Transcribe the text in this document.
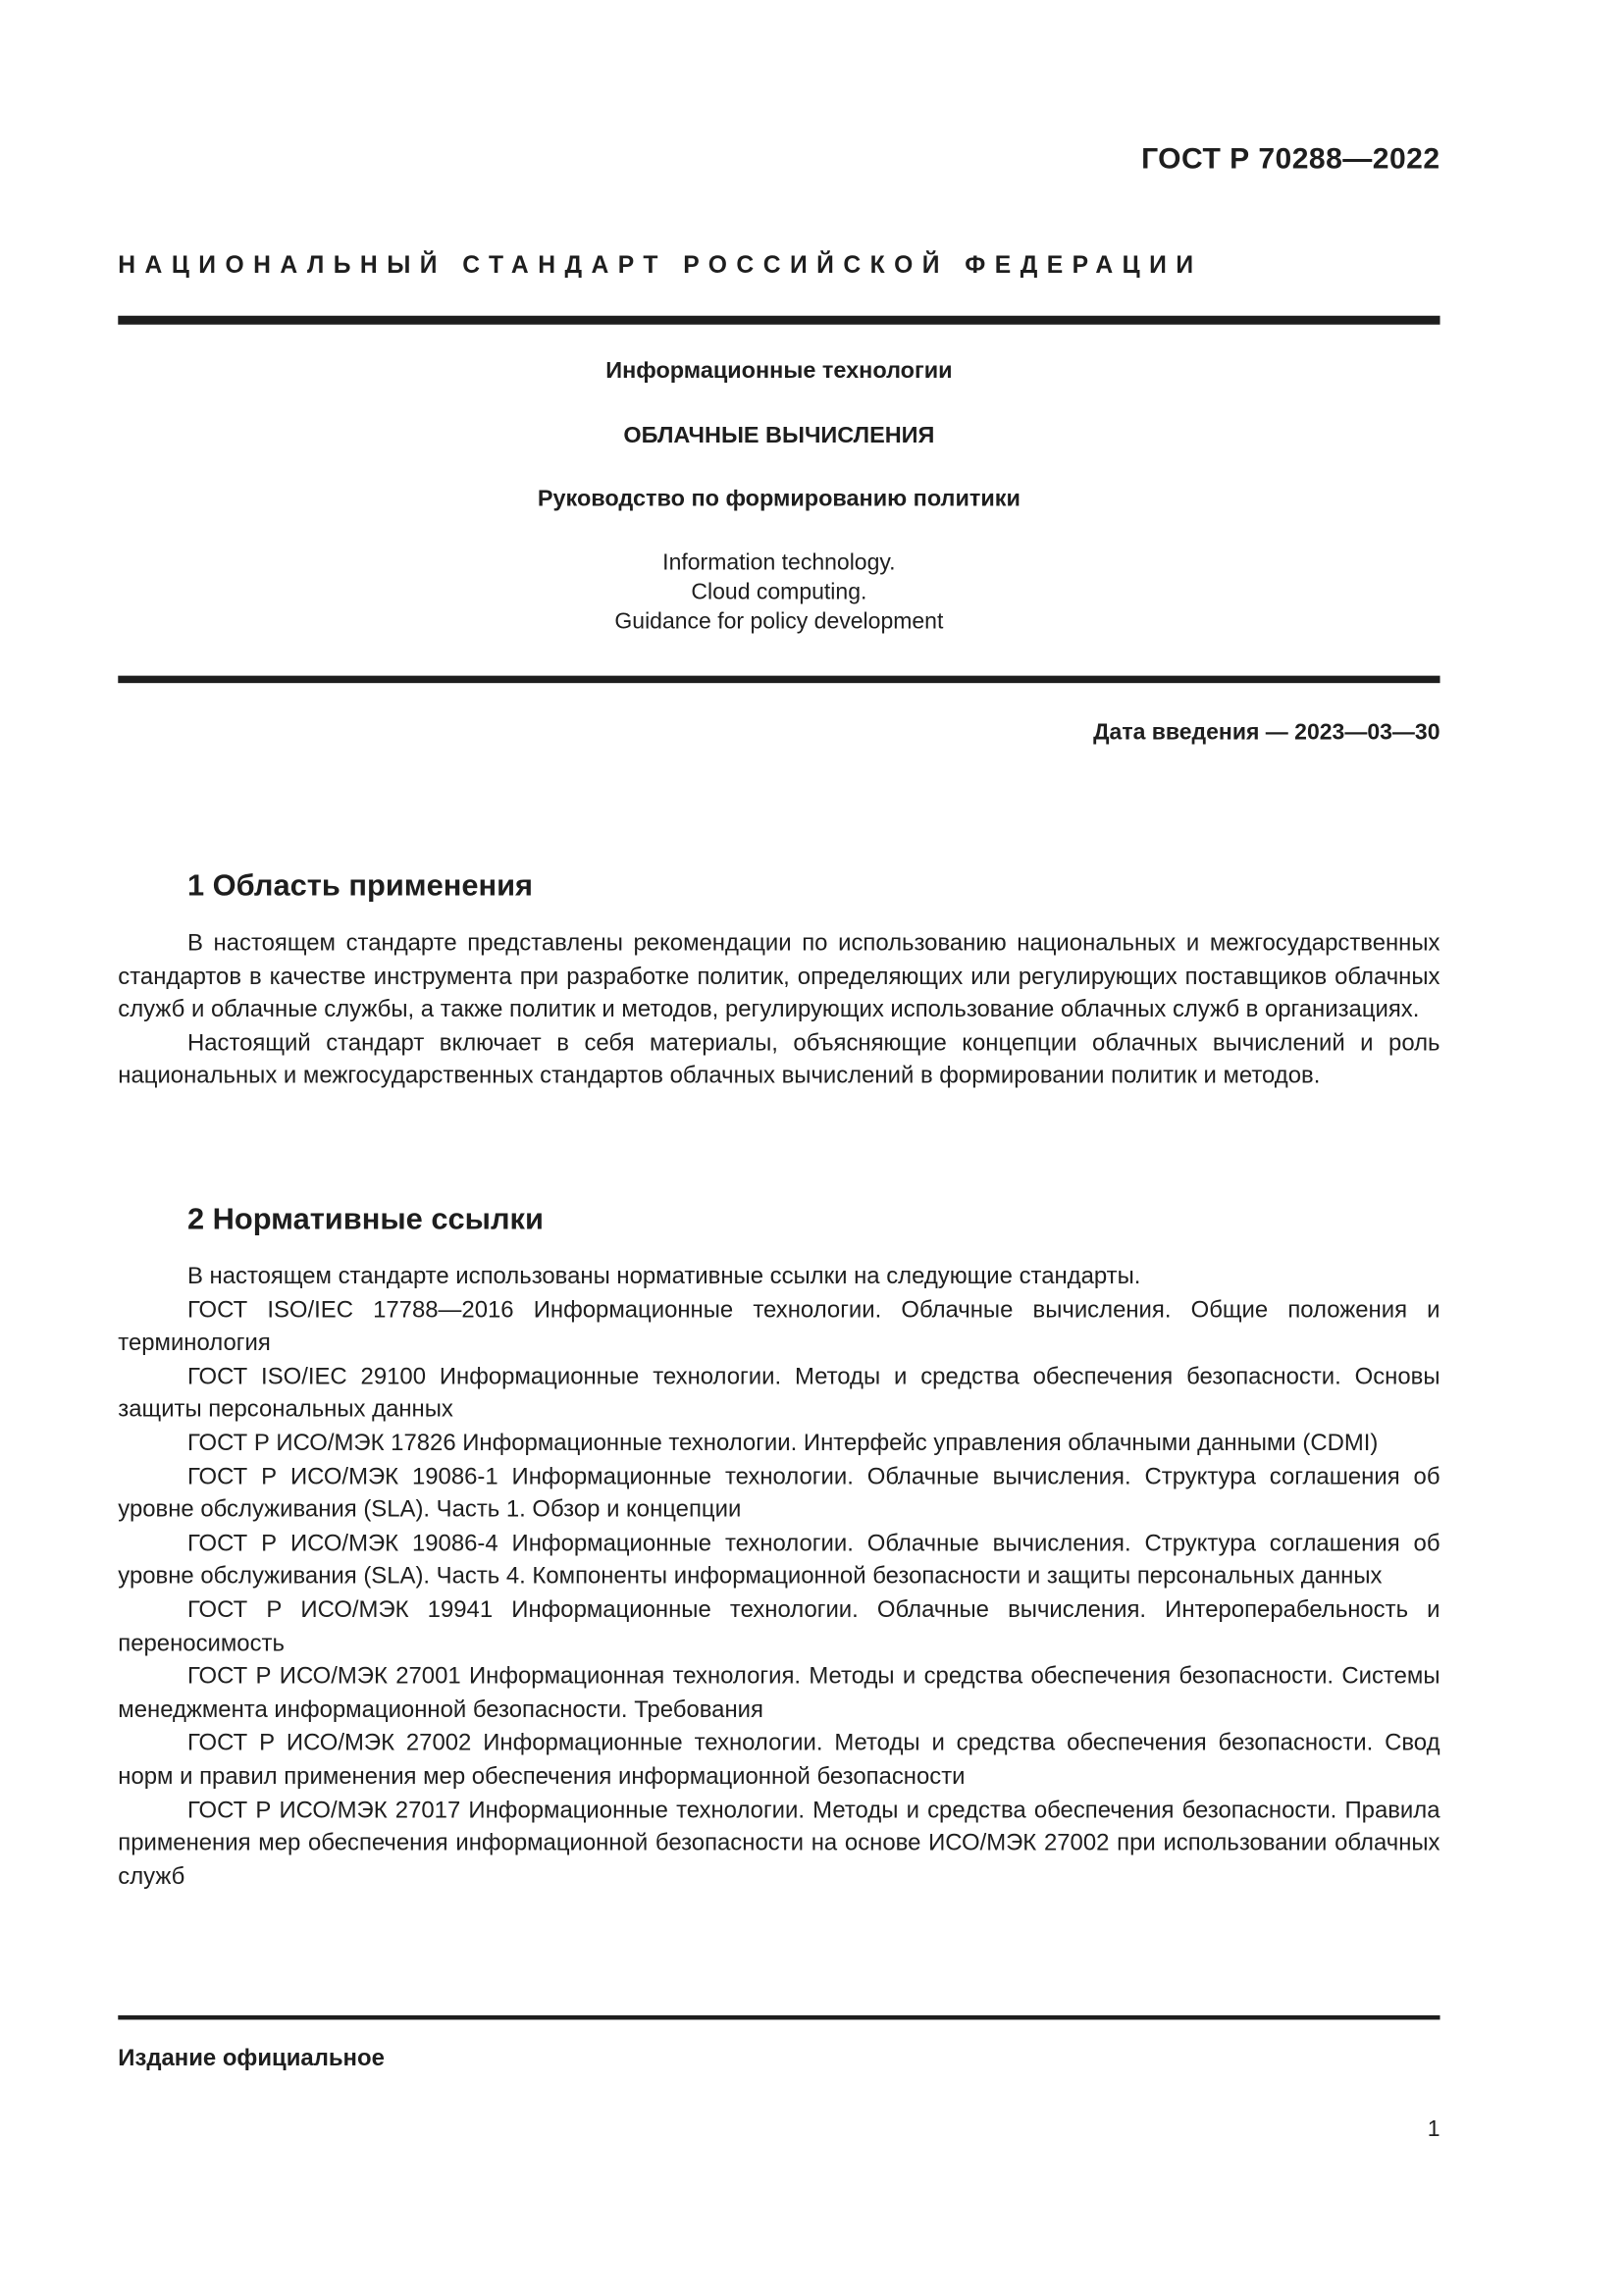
ГОСТ Р 70288—2022
НАЦИОНАЛЬНЫЙ СТАНДАРТ РОССИЙСКОЙ ФЕДЕРАЦИИ
Информационные технологии
ОБЛАЧНЫЕ ВЫЧИСЛЕНИЯ
Руководство по формированию политики
Information technology.
Cloud computing.
Guidance for policy development
Дата введения — 2023—03—30
1 Область применения

В настоящем стандарте представлены рекомендации по использованию национальных и межгосударственных стандартов в качестве инструмента при разработке политик, определяющих или регулирующих поставщиков облачных служб и облачные службы, а также политик и методов, регулирующих использование облачных служб в организациях.

Настоящий стандарт включает в себя материалы, объясняющие концепции облачных вычислений и роль национальных и межгосударственных стандартов облачных вычислений в формировании политик и методов.

2 Нормативные ссылки

В настоящем стандарте использованы нормативные ссылки на следующие стандарты.

ГОСТ ISO/IEC 17788—2016 Информационные технологии. Облачные вычисления. Общие положения и терминология

ГОСТ ISO/IEC 29100 Информационные технологии. Методы и средства обеспечения безопасности. Основы защиты персональных данных

ГОСТ Р ИСО/МЭК 17826 Информационные технологии. Интерфейс управления облачными данными (CDMI)

ГОСТ Р ИСО/МЭК 19086-1 Информационные технологии. Облачные вычисления. Структура соглашения об уровне обслуживания (SLA). Часть 1. Обзор и концепции

ГОСТ Р ИСО/МЭК 19086-4 Информационные технологии. Облачные вычисления. Структура соглашения об уровне обслуживания (SLA). Часть 4. Компоненты информационной безопасности и защиты персональных данных

ГОСТ Р ИСО/МЭК 19941 Информационные технологии. Облачные вычисления. Интероперабельность и переносимость

ГОСТ Р ИСО/МЭК 27001 Информационная технология. Методы и средства обеспечения безопасности. Системы менеджмента информационной безопасности. Требования

ГОСТ Р ИСО/МЭК 27002 Информационные технологии. Методы и средства обеспечения безопасности. Свод норм и правил применения мер обеспечения информационной безопасности

ГОСТ Р ИСО/МЭК 27017 Информационные технологии. Методы и средства обеспечения безопасности. Правила применения мер обеспечения информационной безопасности на основе ИСО/МЭК 27002 при использовании облачных служб

Издание официальное
1
